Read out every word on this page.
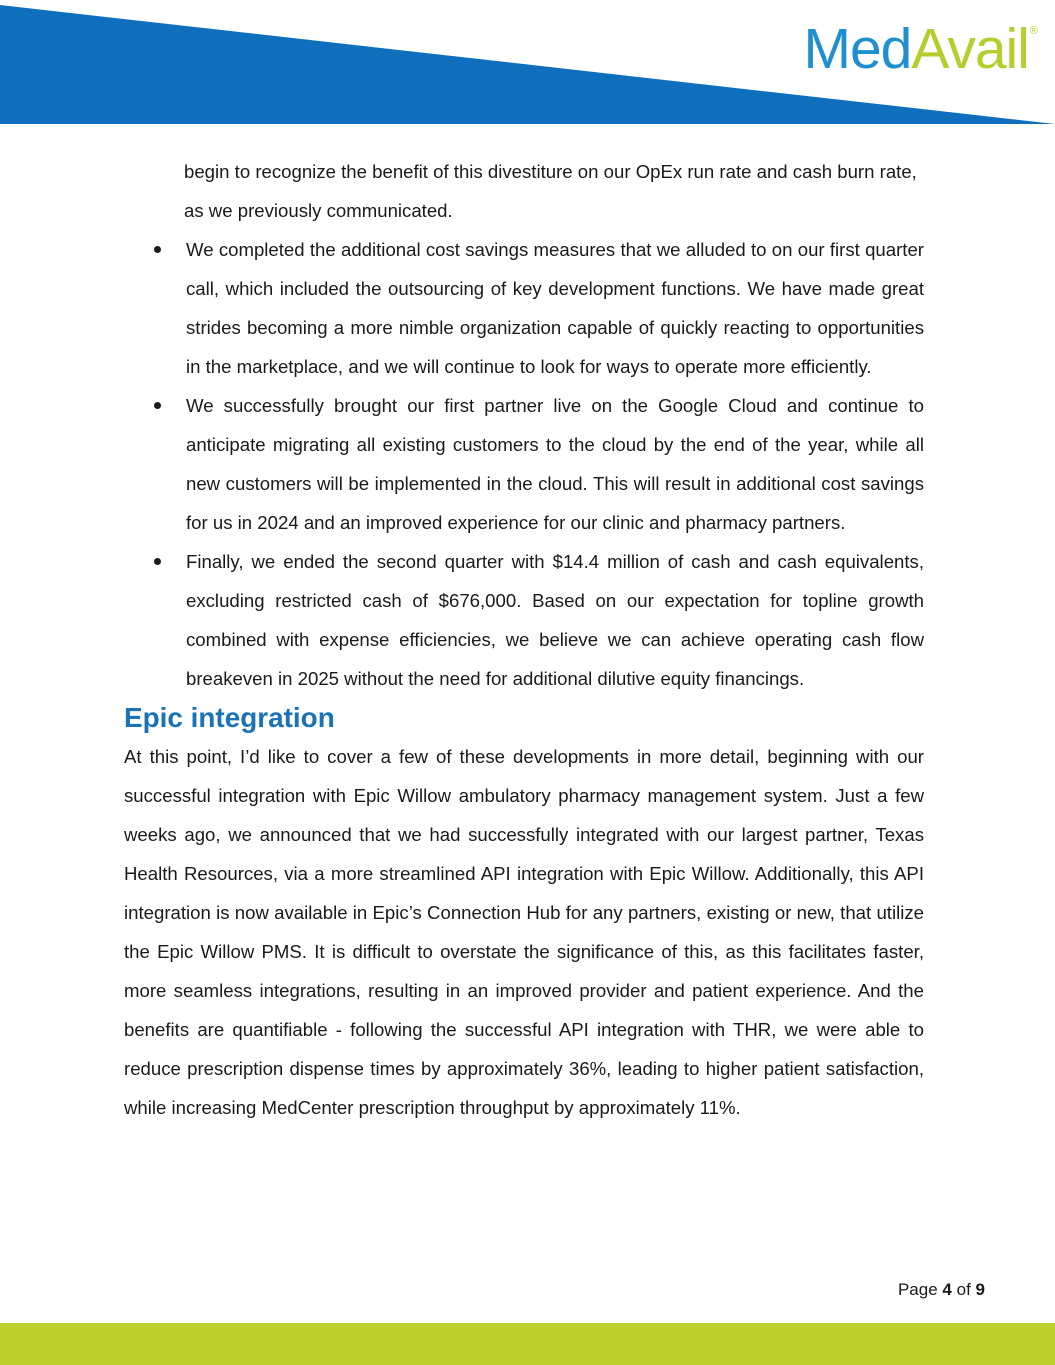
Med Avail ®

begin to recognize the benefit of this divestiture on our OpEx run rate and cash burn rate, as we previously communicated.

We completed the additional cost savings measures that we alluded to on our first quarter call, which included the outsourcing of key development functions. We have made great strides becoming a more nimble organization capable of quickly reacting to opportunities in the marketplace, and we will continue to look for ways to operate more efficiently.
We successfully brought our first partner live on the Google Cloud and continue to anticipate migrating all existing customers to the cloud by the end of the year, while all new customers will be implemented in the cloud. This will result in additional cost savings for us in 2024 and an improved experience for our clinic and pharmacy partners.
Finally, we ended the second quarter with $14.4 million of cash and cash equivalents, excluding restricted cash of $676,000. Based on our expectation for topline growth combined with expense efficiencies, we believe we can achieve operating cash flow breakeven in 2025 without the need for additional dilutive equity financings.
Epic integration

At this point, I’d like to cover a few of these developments in more detail, beginning with our successful integration with Epic Willow ambulatory pharmacy management system. Just a few weeks ago, we announced that we had successfully integrated with our largest partner, Texas Health Resources, via a more streamlined API integration with Epic Willow. Additionally, this API integration is now available in Epic’s Connection Hub for any partners, existing or new, that utilize the Epic Willow PMS. It is difficult to overstate the significance of this, as this facilitates faster, more seamless integrations, resulting in an improved provider and patient experience. And the benefits are quantifiable - following the successful API integration with THR, we were able to reduce prescription dispense times by approximately 36%, leading to higher patient satisfaction, while increasing MedCenter prescription throughput by approximately 11%.

Page 4 of 9
